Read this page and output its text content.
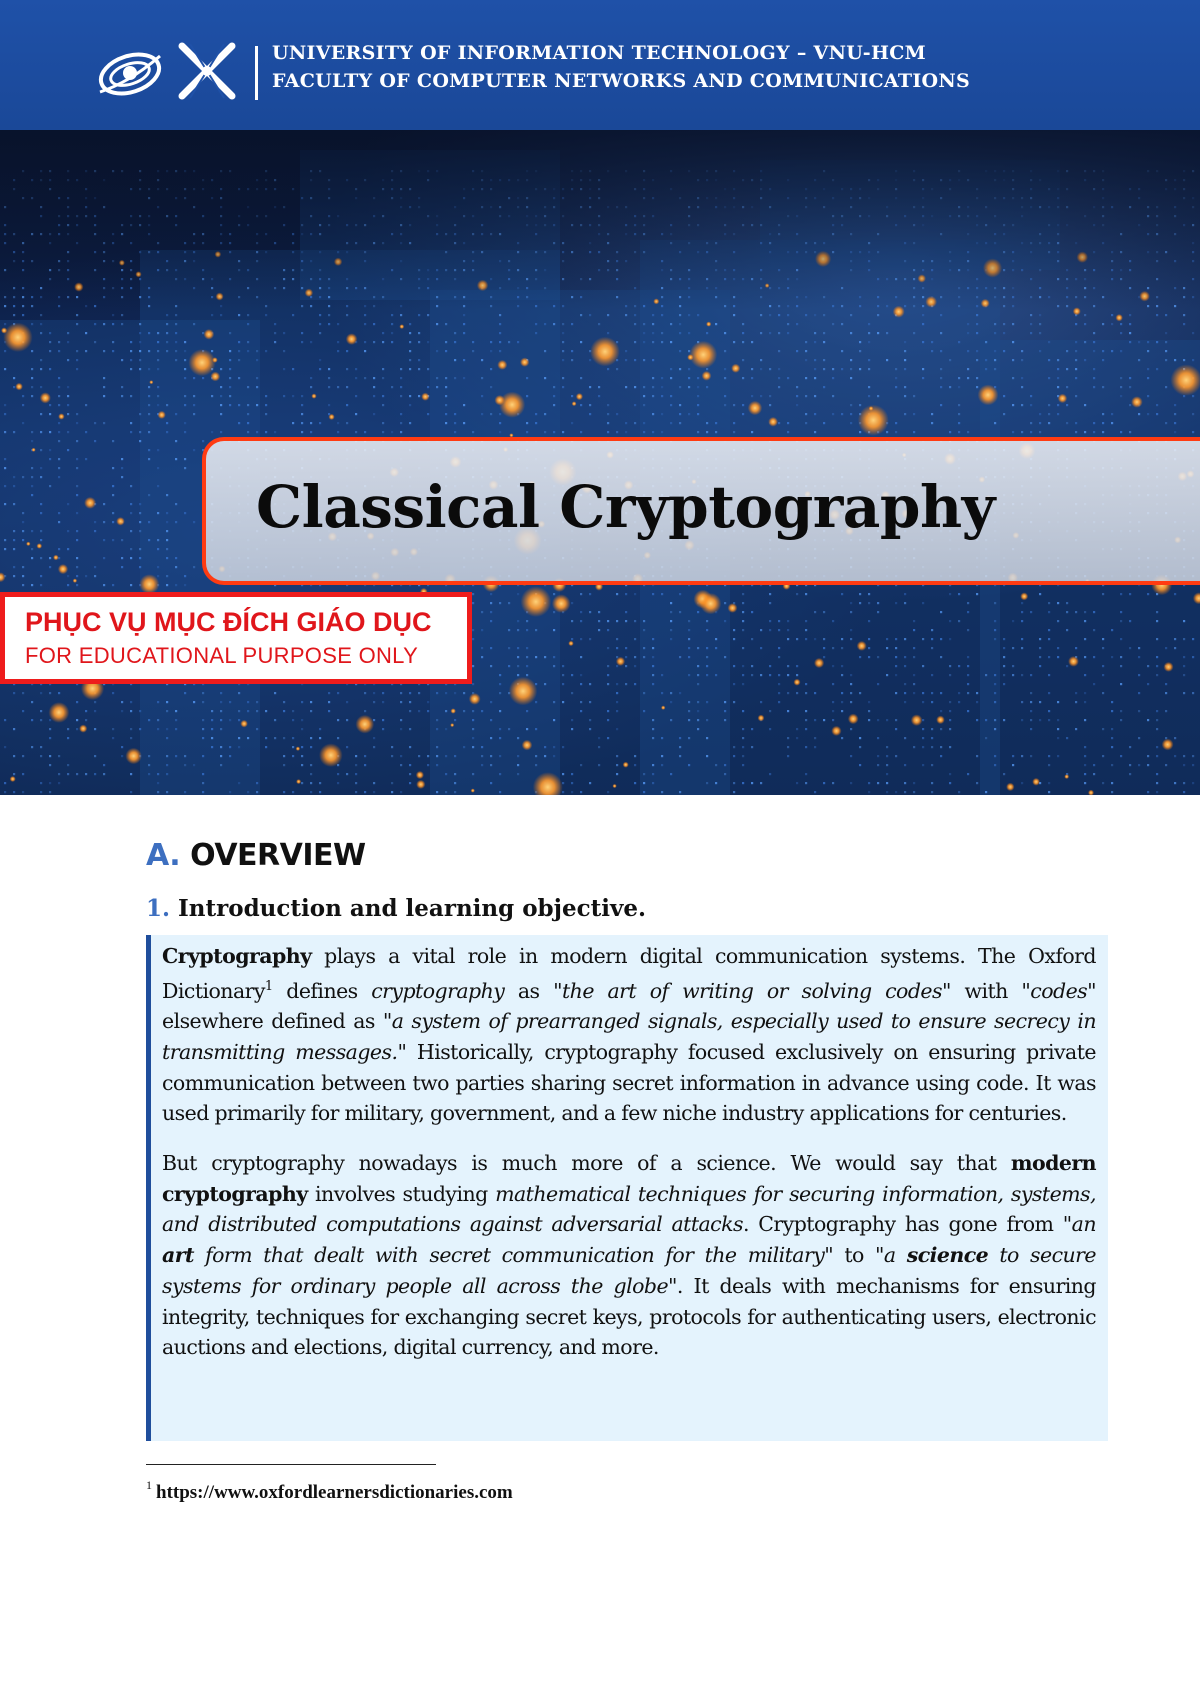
UNIVERSITY OF INFORMATION TECHNOLOGY – VNU-HCM
FACULTY OF COMPUTER NETWORKS AND COMMUNICATIONS
Classical Cryptography
PHỤC VỤ MỤC ĐÍCH GIÁO DỤC
FOR EDUCATIONAL PURPOSE ONLY
A. OVERVIEW
1. Introduction and learning objective.

Cryptography plays a vital role in modern digital communication systems. The Oxford Dictionary$^1$ defines cryptography as "the art of writing or solving codes" with "codes" elsewhere defined as "a system of prearranged signals, especially used to ensure secrecy in transmitting messages." Historically, cryptography focused exclusively on ensuring private communication between two parties sharing secret information in advance using code. It was used primarily for military, government, and a few niche industry applications for centuries.

But cryptography nowadays is much more of a science. We would say that modern cryptography involves studying mathematical techniques for securing information, systems, and distributed computations against adversarial attacks. Cryptography has gone from "an art form that dealt with secret communication for the military" to "a science to secure systems for ordinary people all across the globe". It deals with mechanisms for ensuring integrity, techniques for exchanging secret keys, protocols for authenticating users, electronic auctions and elections, digital currency, and more.

$^1$ https://www.oxfordlearnersdictionaries.com
